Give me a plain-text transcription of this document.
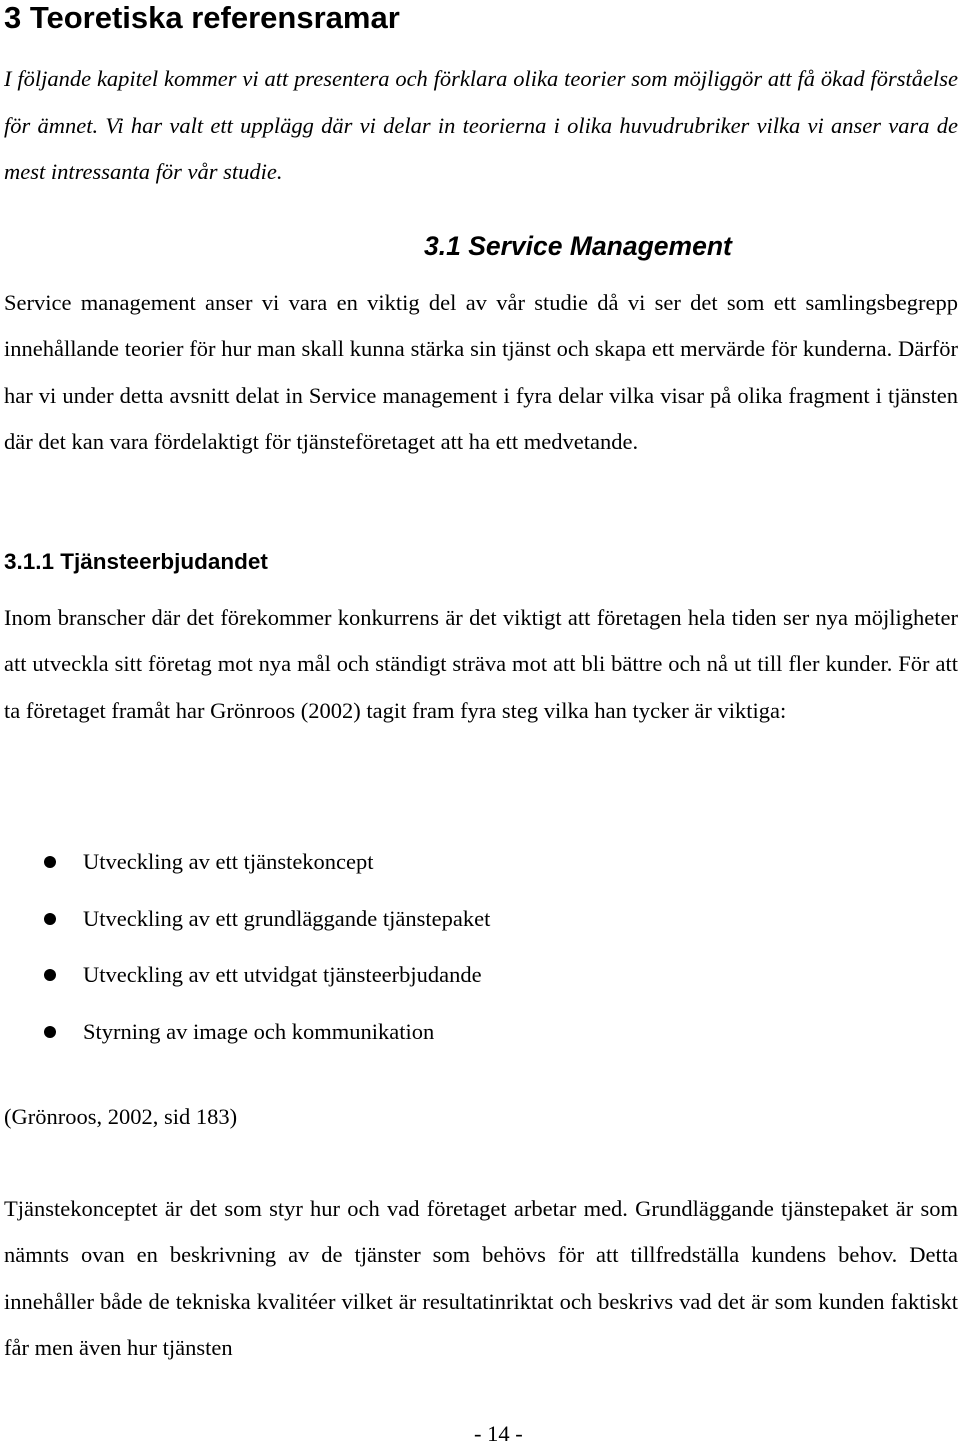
3 Teoretiska referensramar
I följande kapitel kommer vi att presentera och förklara olika teorier som möjliggör att få ökad förståelse för ämnet. Vi har valt ett upplägg där vi delar in teorierna i olika huvudrubriker vilka vi anser vara de mest intressanta för vår studie.
3.1 Service Management
Service management anser vi vara en viktig del av vår studie då vi ser det som ett samlingsbegrepp innehållande teorier för hur man skall kunna stärka sin tjänst och skapa ett mervärde för kunderna. Därför har vi under detta avsnitt delat in Service management i fyra delar vilka visar på olika fragment i tjänsten där det kan vara fördelaktigt för tjänsteföretaget att ha ett medvetande.
3.1.1 Tjänsteerbjudandet
Inom branscher där det förekommer konkurrens är det viktigt att företagen hela tiden ser nya möjligheter att utveckla sitt företag mot nya mål och ständigt sträva mot att bli bättre och nå ut till fler kunder. För att ta företaget framåt har Grönroos (2002) tagit fram fyra steg vilka han tycker är viktiga:
Utveckling av ett tjänstekoncept
Utveckling av ett grundläggande tjänstepaket
Utveckling av ett utvidgat tjänsteerbjudande
Styrning av image och kommunikation
(Grönroos, 2002, sid 183)
Tjänstekonceptet är det som styr hur och vad företaget arbetar med. Grundläggande tjänstepaket är som nämnts ovan en beskrivning av de tjänster som behövs för att tillfredställa kundens behov. Detta innehåller både de tekniska kvalitéer vilket är resultatinriktat och beskrivs vad det är som kunden faktiskt får men även hur tjänsten
- 14 -
